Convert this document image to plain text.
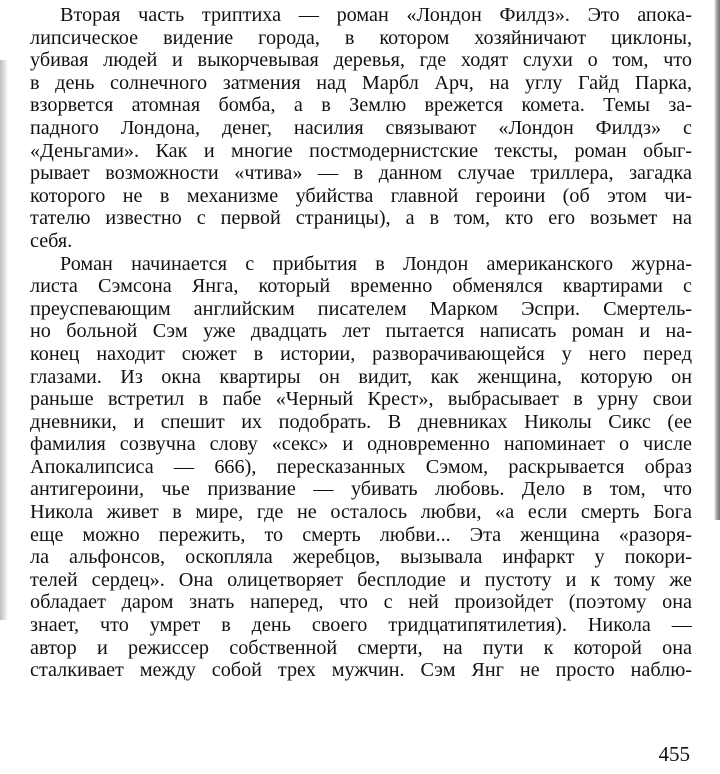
Вторая часть триптиха — роман «Лондон Филдз». Это апока-
липсическое видение города, в котором хозяйничают циклоны,
убивая людей и выкорчевывая деревья, где ходят слухи о том, что
в день солнечного затмения над Марбл Арч, на углу Гайд Парка,
взорвется атомная бомба, а в Землю врежется комета. Темы за-
падного Лондона, денег, насилия связывают «Лондон Филдз» с
«Деньгами». Как и многие постмодернистские тексты, роман обыг-
рывает возможности «чтива» — в данном случае триллера, загадка
которого не в механизме убийства главной героини (об этом чи-
тателю известно с первой страницы), а в том, кто его возьмет на
себя.
Роман начинается с прибытия в Лондон американского журна-
листа Сэмсона Янга, который временно обменялся квартирами с
преуспевающим английским писателем Марком Эспри. Смертель-
но больной Сэм уже двадцать лет пытается написать роман и на-
конец находит сюжет в истории, разворачивающейся у него перед
глазами. Из окна квартиры он видит, как женщина, которую он
раньше встретил в пабе «Черный Крест», выбрасывает в урну свои
дневники, и спешит их подобрать. В дневниках Николы Сикс (ее
фамилия созвучна слову «секс» и одновременно напоминает о числе
Апокалипсиса — 666), пересказанных Сэмом, раскрывается образ
антигероини, чье призвание — убивать любовь. Дело в том, что
Никола живет в мире, где не осталось любви, «а если смерть Бога
еще можно пережить, то смерть любви... Эта женщина «разоря-
ла альфонсов, оскопляла жеребцов, вызывала инфаркт у покори-
телей сердец». Она олицетворяет бесплодие и пустоту и к тому же
обладает даром знать наперед, что с ней произойдет (поэтому она
знает, что умрет в день своего тридцатипятилетия). Никола —
автор и режиссер собственной смерти, на пути к которой она
сталкивает между собой трех мужчин. Сэм Янг не просто наблю-
455
